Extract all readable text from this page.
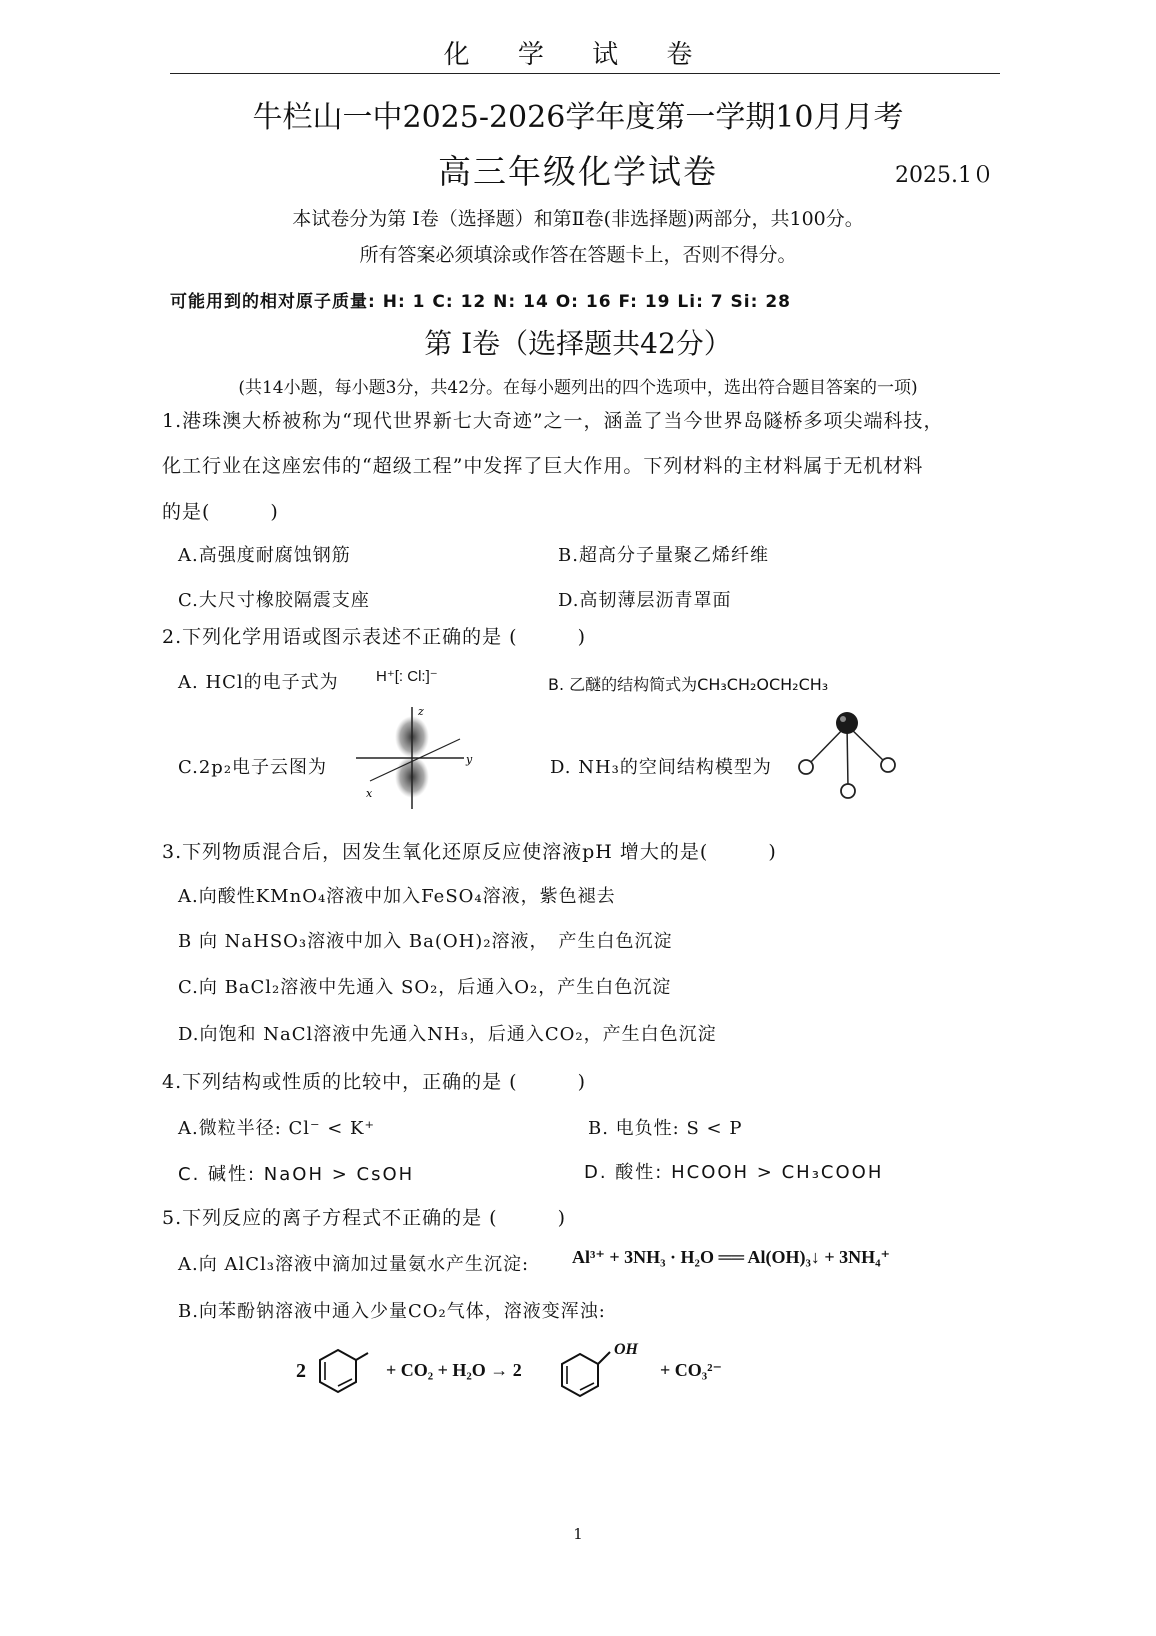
化 学 试 卷
牛栏山一中2025-2026学年度第一学期10月月考
高三年级化学试卷	2025.1０
本试卷分为第 Ⅰ卷（选择题）和第Ⅱ卷(非选择题)两部分，共100分。
所有答案必须填涂或作答在答题卡上，否则不得分。
可能用到的相对原子质量: H: 1 C: 12 N: 14 O: 16 F: 19 Li: 7 Si: 28
第 Ⅰ卷（选择题共42分）
(共14小题，每小题3分，共42分。在每小题列出的四个选项中，选出符合题目答案的一项)
1.港珠澳大桥被称为“现代世界新七大奇迹”之一，涵盖了当今世界岛隧桥多项尖端科技，
化工行业在这座宏伟的“超级工程”中发挥了巨大作用。下列材料的主材料属于无机材料
的是(　　　)
A.高强度耐腐蚀钢筋	B.超高分子量聚乙烯纤维
C.大尺寸橡胶隔震支座	D.高韧薄层沥青罩面
2.下列化学用语或图示表述不正确的是 (　　　)
A. HCl的电子式为 H⁺[: Cl:]⁻	B. 乙醚的结构简式为CH₃CH₂OCH₂CH₃
C.2p₂电子云图为
z
x
y	D. NH₃的空间结构模型为
3.下列物质混合后，因发生氧化还原反应使溶液pH 增大的是(　　　)
A.向酸性KMnO₄溶液中加入FeSO₄溶液，紫色褪去
B 向 NaHSO₃溶液中加入 Ba(OH)₂溶液，　产生白色沉淀
C.向 BaCl₂溶液中先通入 SO₂，后通入O₂，产生白色沉淀
D.向饱和 NaCl溶液中先通入NH₃，后通入CO₂，产生白色沉淀
4.下列结构或性质的比较中，正确的是 (　　　)
A.微粒半径: Cl⁻ < K⁺	B. 电负性: S < P
C. 碱性: NaOH > CsOH	D. 酸性: HCOOH > CH₃COOH
5.下列反应的离子方程式不正确的是 (　　　)
A.向 AlCl₃溶液中滴加过量氨水产生沉淀: Al³⁺ + 3NH₃ · H₂O ══ Al(OH)₃↓ + 3NH₄⁺
B.向苯酚钠溶液中通入少量CO₂气体，溶液变浑浊:
2	+ CO₂ + H₂O → 2
OH
+ CO₃²⁻
1
